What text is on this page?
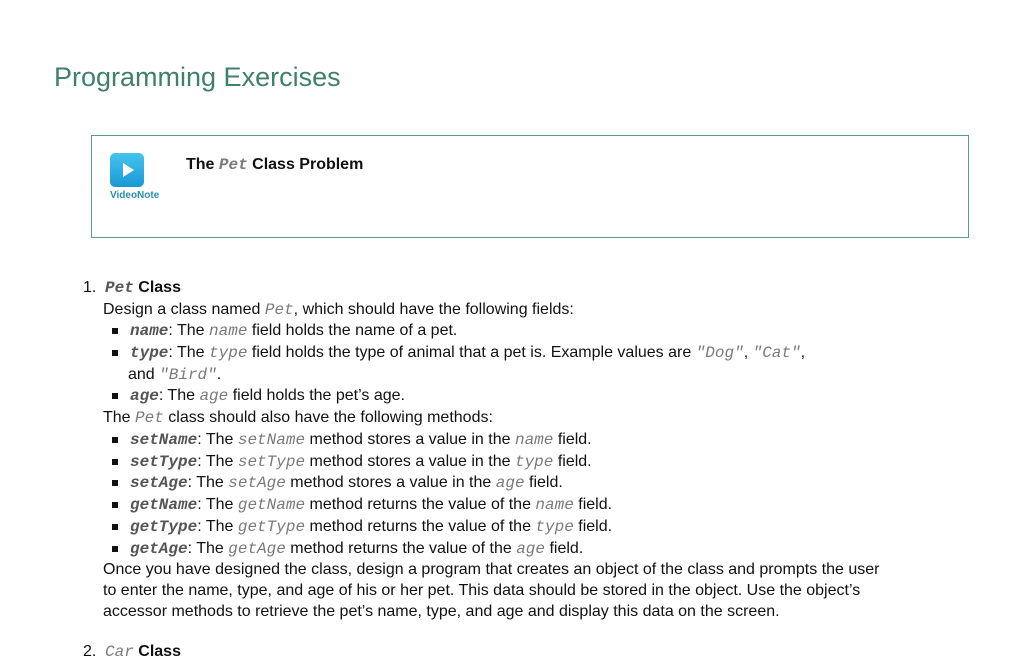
Programming Exercises
VideoNote
The Pet Class Problem
1. Pet Class
Design a class named Pet, which should have the following fields:
name: The name field holds the name of a pet.
type: The type field holds the type of animal that a pet is. Example values are "Dog", "Cat",
and "Bird".
age: The age field holds the pet’s age.
The Pet class should also have the following methods:
setName: The setName method stores a value in the name field.
setType: The setType method stores a value in the type field.
setAge: The setAge method stores a value in the age field.
getName: The getName method returns the value of the name field.
getType: The getType method returns the value of the type field.
getAge: The getAge method returns the value of the age field.
Once you have designed the class, design a program that creates an object of the class and prompts the user to enter the name, type, and age of his or her pet. This data should be stored in the object. Use the object’s accessor methods to retrieve the pet’s name, type, and age and display this data on the screen.
2. Car Class
